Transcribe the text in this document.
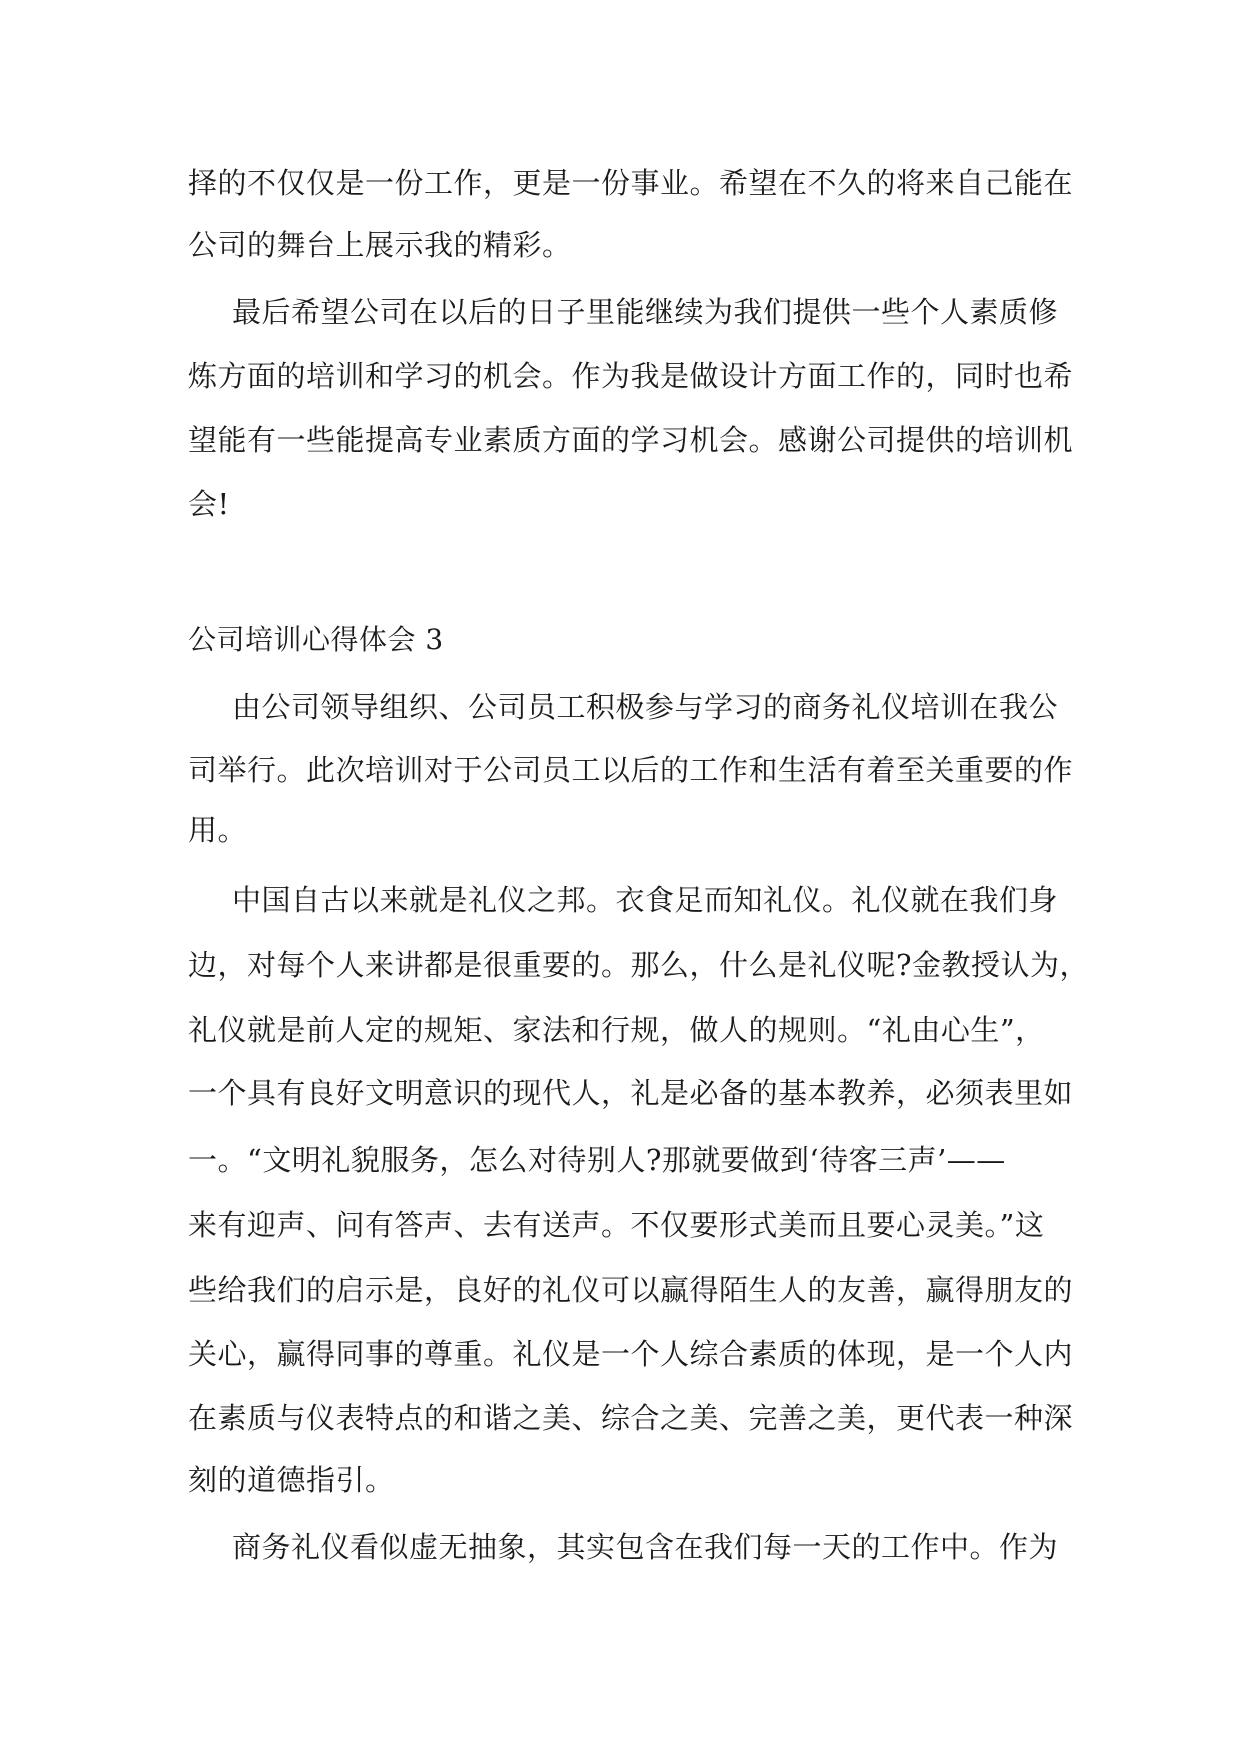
择的不仅仅是一份工作，更是一份事业。希望在不久的将来自己能在

公司的舞台上展示我的精彩。

最后希望公司在以后的日子里能继续为我们提供一些个人素质修

炼方面的培训和学习的机会。作为我是做设计方面工作的，同时也希

望能有一些能提高专业素质方面的学习机会。感谢公司提供的培训机

会!

公司培训心得体会 3

由公司领导组织、公司员工积极参与学习的商务礼仪培训在我公

司举行。此次培训对于公司员工以后的工作和生活有着至关重要的作

用。

中国自古以来就是礼仪之邦。衣食足而知礼仪。礼仪就在我们身

边，对每个人来讲都是很重要的。那么，什么是礼仪呢?金教授认为，

礼仪就是前人定的规矩、家法和行规，做人的规则。“礼由心生”，

一个具有良好文明意识的现代人，礼是必备的基本教养，必须表里如

一。“文明礼貌服务，怎么对待别人?那就要做到‘待客三声’——

来有迎声、问有答声、去有送声。不仅要形式美而且要心灵美。”这

些给我们的启示是，良好的礼仪可以赢得陌生人的友善，赢得朋友的

关心，赢得同事的尊重。礼仪是一个人综合素质的体现，是一个人内

在素质与仪表特点的和谐之美、综合之美、完善之美，更代表一种深

刻的道德指引。

商务礼仪看似虚无抽象，其实包含在我们每一天的工作中。作为
